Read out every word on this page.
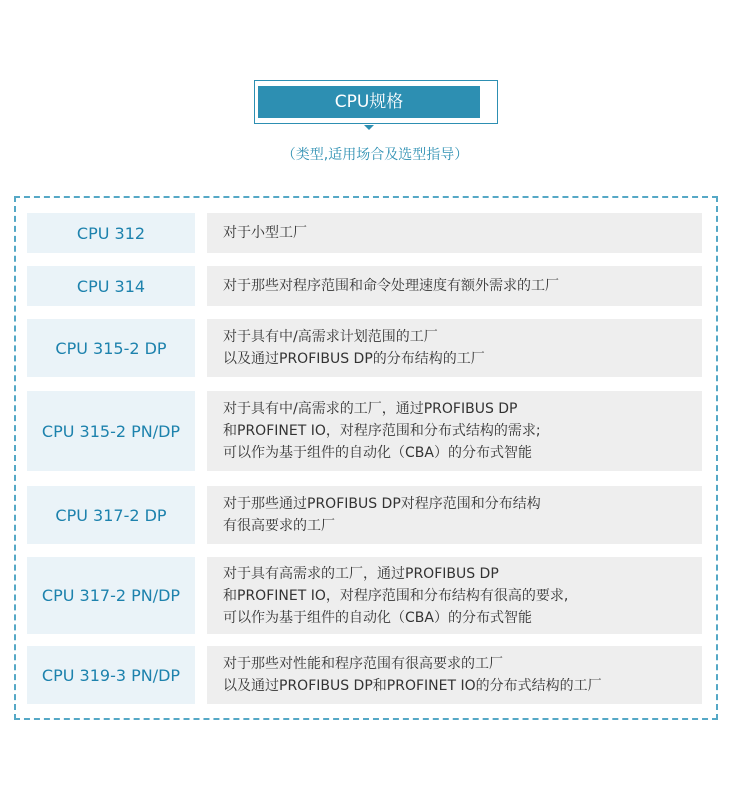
CPU规格
（类型,适用场合及选型指导）
CPU 312	对于小型工厂
CPU 314	对于那些对程序范围和命令处理速度有额外需求的工厂
CPU 315-2 DP
对于具有中/高需求计划范围的工厂
以及通过PROFIBUS DP的分布结构的工厂
CPU 315-2 PN/DP
对于具有中/高需求的工厂，通过PROFIBUS DP
和PROFINET IO，对程序范围和分布式结构的需求;
可以作为基于组件的自动化（CBA）的分布式智能
CPU 317-2 DP
对于那些通过PROFIBUS DP对程序范围和分布结构
有很高要求的工厂
CPU 317-2 PN/DP
对于具有高需求的工厂，通过PROFIBUS DP
和PROFINET IO，对程序范围和分布结构有很高的要求,
可以作为基于组件的自动化（CBA）的分布式智能
CPU 319-3 PN/DP
对于那些对性能和程序范围有很高要求的工厂
以及通过PROFIBUS DP和PROFINET IO的分布式结构的工厂
